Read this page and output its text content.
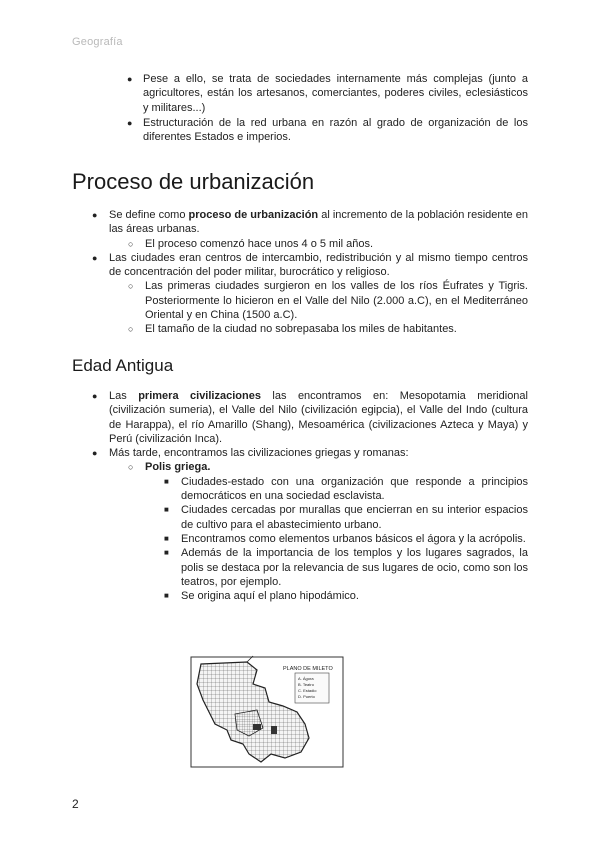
Geografía
● Pese a ello, se trata de sociedades internamente más complejas (junto a agricultores, están los artesanos, comerciantes, poderes civiles, eclesiásticos y militares...)
● Estructuración de la red urbana en razón al grado de organización de los diferentes Estados e imperios.
Proceso de urbanización
● Se define como proceso de urbanización al incremento de la población residente en las áreas urbanas.
○ El proceso comenzó hace unos 4 o 5 mil años.
● Las ciudades eran centros de intercambio, redistribución y al mismo tiempo centros de concentración del poder militar, burocrático y religioso.
○ Las primeras ciudades surgieron en los valles de los ríos Éufrates y Tigris. Posteriormente lo hicieron en el Valle del Nilo (2.000 a.C), en el Mediterráneo Oriental y en China (1500 a.C).
○ El tamaño de la ciudad no sobrepasaba los miles de habitantes.
Edad Antigua
● Las primera civilizaciones las encontramos en: Mesopotamia meridional (civilización sumeria), el Valle del Nilo (civilización egipcia), el Valle del Indo (cultura de Harappa), el río Amarillo (Shang), Mesoamérica (civilizaciones Azteca y Maya) y Perú (civilización Inca).
● Más tarde, encontramos las civilizaciones griegas y romanas:
○ Polis griega.
■ Ciudades-estado con una organización que responde a principios democráticos en una sociedad esclavista.
■ Ciudades cercadas por murallas que encierran en su interior espacios de cultivo para el abastecimiento urbano.
■ Encontramos como elementos urbanos básicos el ágora y la acrópolis.
■ Además de la importancia de los templos y los lugares sagrados, la polis se destaca por la relevancia de sus lugares de ocio, como son los teatros, por ejemplo.
■ Se origina aquí el plano hipodámico.
PLANO DE MILETO
A. Ágora
B. Teatro
C. Estadio
D. Puerto
2
